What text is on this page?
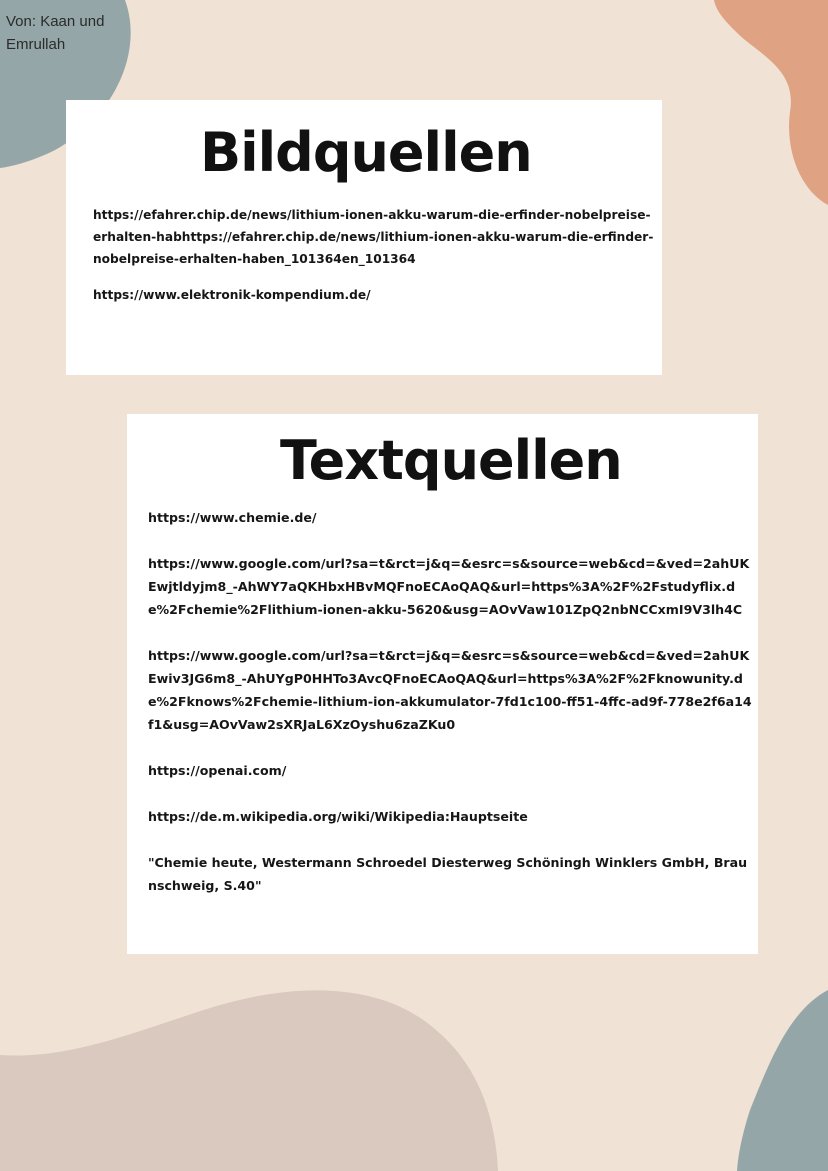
Von: Kaan und Emrullah
Bildquellen

https://efahrer.chip.de/news/lithium-ionen-akku-warum-die-erfinder-nobelpreise-erhalten-habhttps://efahrer.chip.de/news/lithium-ionen-akku-warum-die-erfinder-nobelpreise-erhalten-haben_101364en_101364

https://www.elektronik-kompendium.de/

Textquellen

https://www.chemie.de/

https://www.google.com/url?sa=t&rct=j&q=&esrc=s&source=web&cd=&ved=2ahUKEwjtldyjm8_-AhWY7aQKHbxHBvMQFnoECAoQAQ&url=https%3A%2F%2Fstudyflix.de%2Fchemie%2Flithium-ionen-akku-5620&usg=AOvVaw101ZpQ2nbNCCxmI9V3lh4C

https://www.google.com/url?sa=t&rct=j&q=&esrc=s&source=web&cd=&ved=2ahUKEwiv3JG6m8_-AhUYgP0HHTo3AvcQFnoECAoQAQ&url=https%3A%2F%2Fknowunity.de%2Fknows%2Fchemie-lithium-ion-akkumulator-7fd1c100-ff51-4ffc-ad9f-778e2f6a14f1&usg=AOvVaw2sXRJaL6XzOyshu6zaZKu0

https://openai.com/

https://de.m.wikipedia.org/wiki/Wikipedia:Hauptseite

"Chemie heute, Westermann Schroedel Diesterweg Schöningh Winklers GmbH, Braunschweig, S.40"
